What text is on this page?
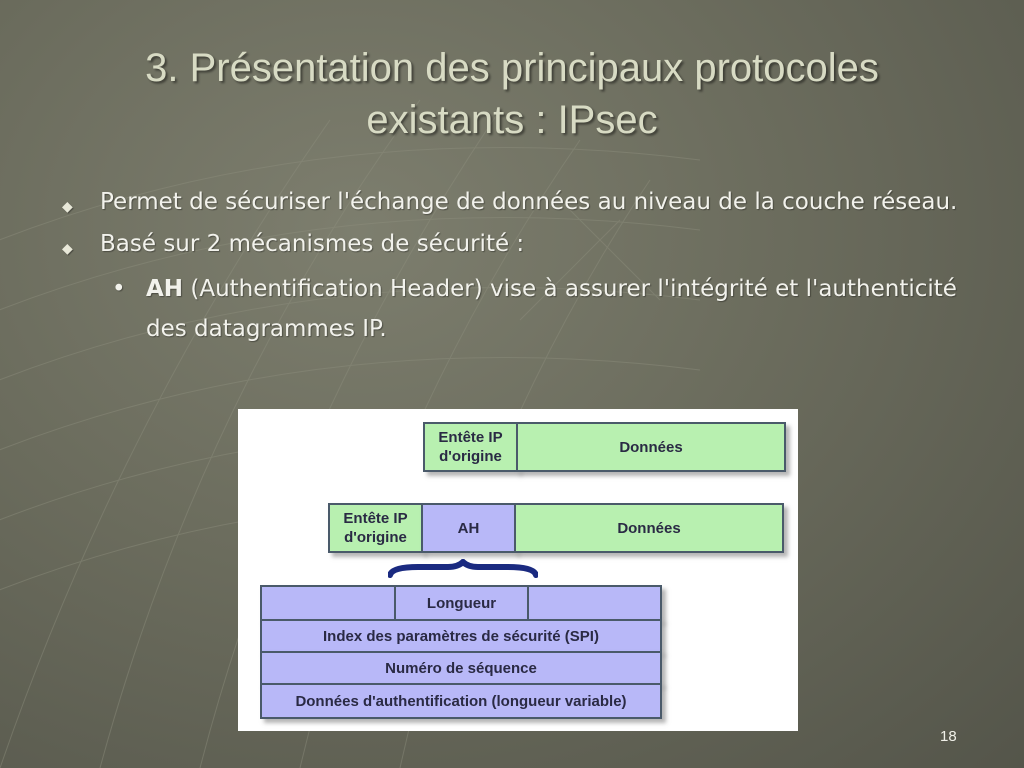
3. Présentation des principaux protocoles
existants : IPsec
◆ Permet de sécuriser l'échange de données au niveau de la couche réseau.
◆ Basé sur 2 mécanismes de sécurité :
• AH (Authentification Header) vise à assurer l'intégrité et l'authenticité des datagrammes IP.
Entête IP
d'origine
Données
Entête IP
d'origine
AH	Données
Longueur
Index des paramètres de sécurité (SPI)
Numéro de séquence
Données d'authentification (longueur variable)
18
